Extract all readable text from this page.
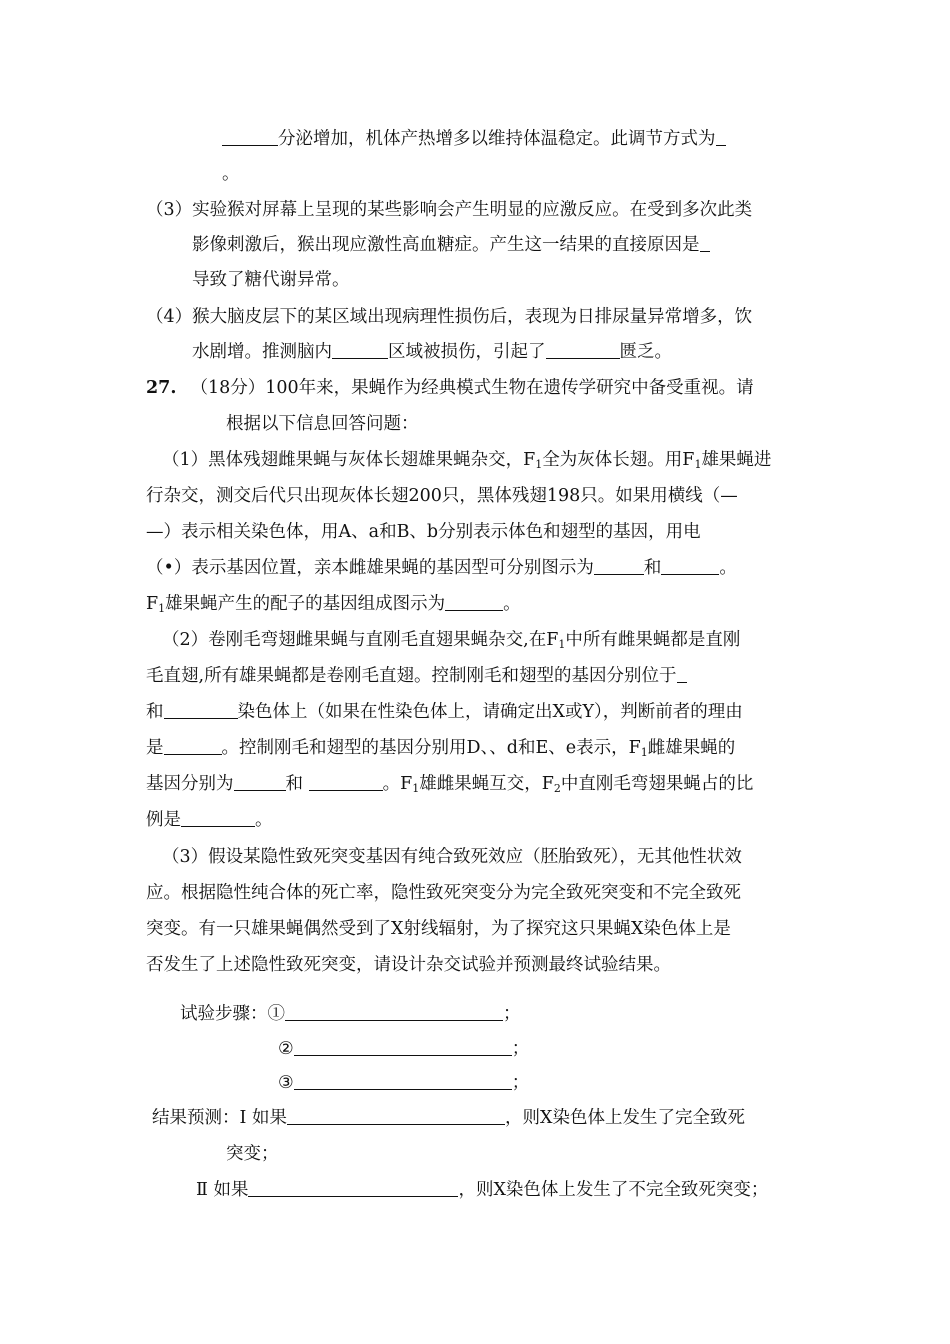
分泌增加，机体产热增多以维持体温稳定。此调节方式为
。
（3）实验猴对屏幕上呈现的某些影响会产生明显的应激反应。在受到多次此类
影像刺激后，猴出现应激性高血糖症。产生这一结果的直接原因是
导致了糖代谢异常。
（4）猴大脑皮层下的某区域出现病理性损伤后，表现为日排尿量异常增多，饮
水剧增。推测脑内	区域被损伤，引起了	匮乏。
27. （18分）100年来，果蝇作为经典模式生物在遗传学研究中备受重视。请
根据以下信息回答问题：
（1）黑体残翅雌果蝇与灰体长翅雄果蝇杂交，$F_1$全为灰体长翅。用$F_1$雄果蝇进
行杂交，测交后代只出现灰体长翅200只，黑体残翅198只。如果用横线（—
—）表示相关染色体，用A、a和B、b分别表示体色和翅型的基因，用电
（•）表示基因位置，亲本雌雄果蝇的基因型可分别图示为	和	。
$F_1$雄果蝇产生的配子的基因组成图示为	。
（2）卷刚毛弯翅雌果蝇与直刚毛直翅果蝇杂交,在$F_1$中所有雌果蝇都是直刚
毛直翅,所有雄果蝇都是卷刚毛直翅。控制刚毛和翅型的基因分别位于
和	染色体上（如果在性染色体上，请确定出X或Y），判断前者的理由
是	。控制刚毛和翅型的基因分别用D、、d和E、e表示，$F_1$雌雄果蝇的
基因分别为	和	。$F_1$雄雌果蝇互交，$F_2$中直刚毛弯翅果蝇占的比
例是	。
（3）假设某隐性致死突变基因有纯合致死效应（胚胎致死），无其他性状效
应。根据隐性纯合体的死亡率，隐性致死突变分为完全致死突变和不完全致死
突变。有一只雄果蝇偶然受到了X射线辐射，为了探究这只果蝇X染色体上是
否发生了上述隐性致死突变，请设计杂交试验并预测最终试验结果。
试验步骤：①	；
②	；
③	；
结果预测：Ⅰ 如果	，则X染色体上发生了完全致死
突变；
Ⅱ 如果	，则X染色体上发生了不完全致死突变；
